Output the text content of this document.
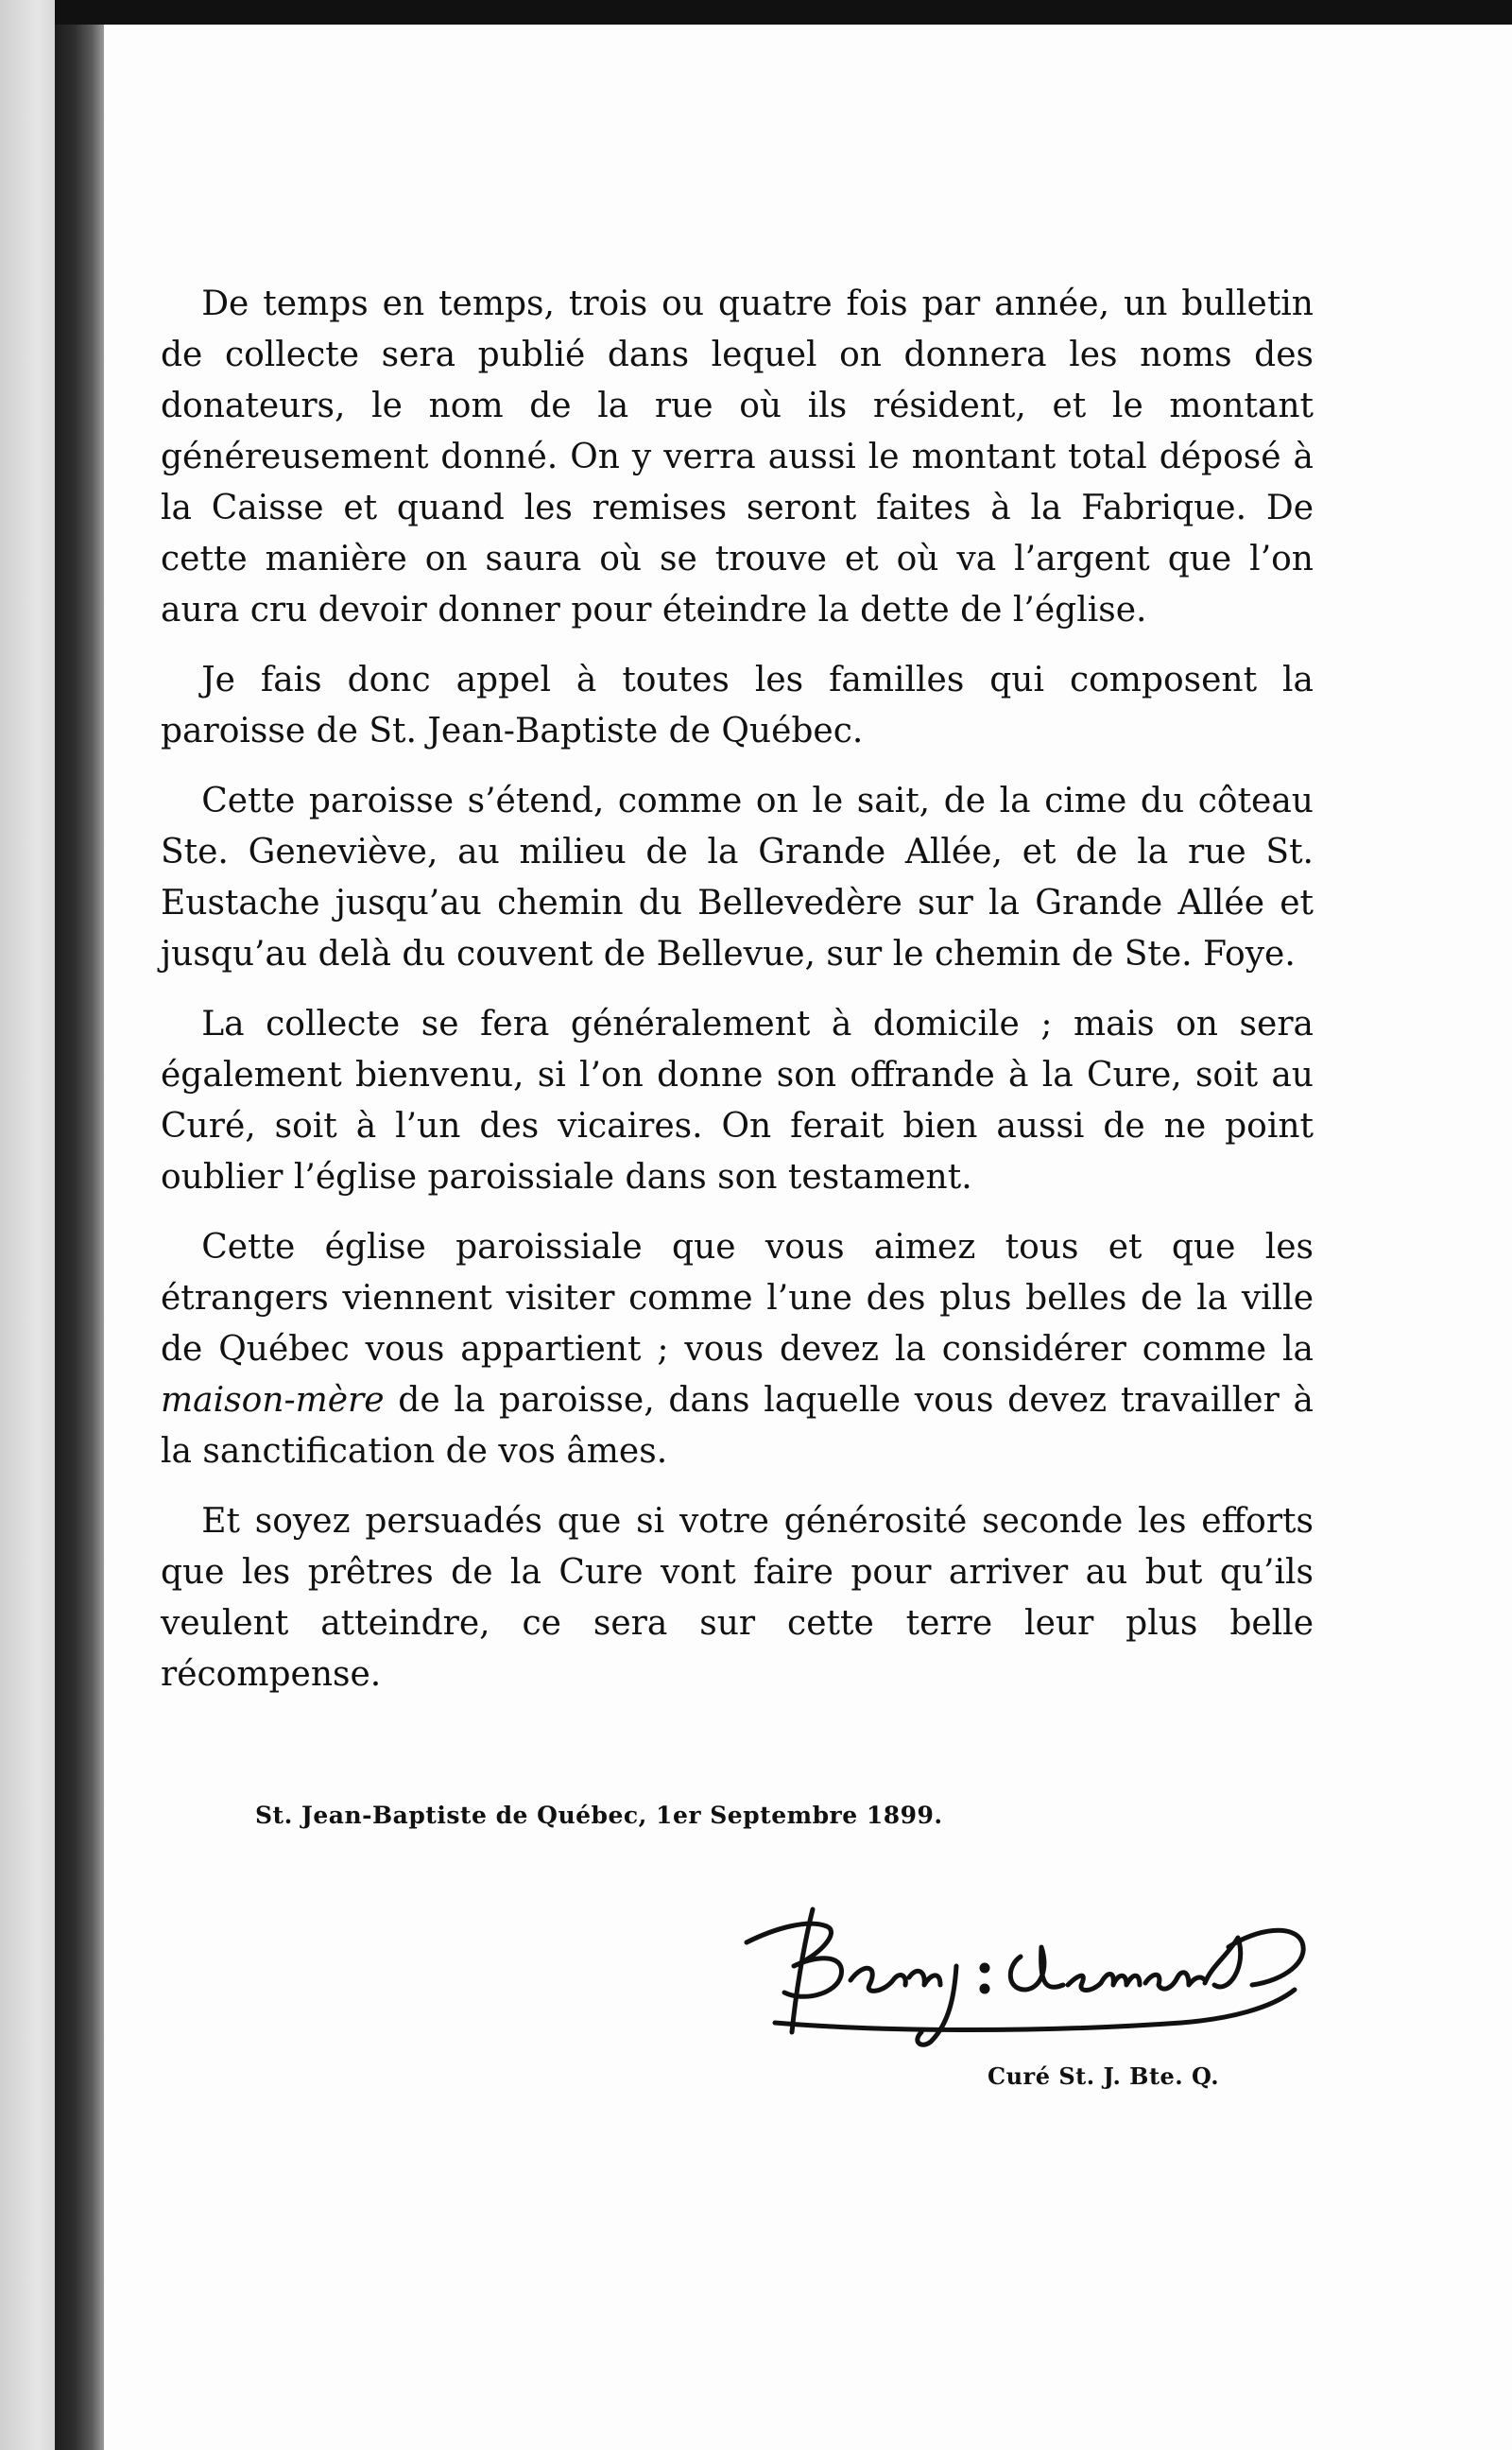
De temps en temps, trois ou quatre fois par année, un bulletin de collecte sera publié dans lequel on donnera les noms des donateurs, le nom de la rue où ils résident, et le montant généreusement donné. On y verra aussi le montant total déposé à la Caisse et quand les remises seront faites à la Fabrique. De cette manière on saura où se trouve et où va l’argent que l’on aura cru devoir donner pour éteindre la dette de l’église.

Je fais donc appel à toutes les familles qui composent la paroisse de St. Jean-Baptiste de Québec.

Cette paroisse s’étend, comme on le sait, de la cime du côteau Ste. Geneviève, au milieu de la Grande Allée, et de la rue St. Eustache jusqu’au chemin du Bellevedère sur la Grande Allée et jusqu’au delà du couvent de Bellevue, sur le chemin de Ste. Foye.

La collecte se fera généralement à domicile ; mais on sera également bienvenu, si l’on donne son offrande à la Cure, soit au Curé, soit à l’un des vicaires. On ferait bien aussi de ne point oublier l’église paroissiale dans son testament.

Cette église paroissiale que vous aimez tous et que les étrangers viennent visiter comme l’une des plus belles de la ville de Québec vous appartient ; vous devez la considérer comme la maison-mère de la paroisse, dans laquelle vous devez travailler à la sanctification de vos âmes.

Et soyez persuadés que si votre générosité seconde les efforts que les prêtres de la Cure vont faire pour arriver au but qu’ils veulent atteindre, ce sera sur cette terre leur plus belle récompense.

St. Jean-Baptiste de Québec, 1er Septembre 1899.
Curé St. J. Bte. Q.
